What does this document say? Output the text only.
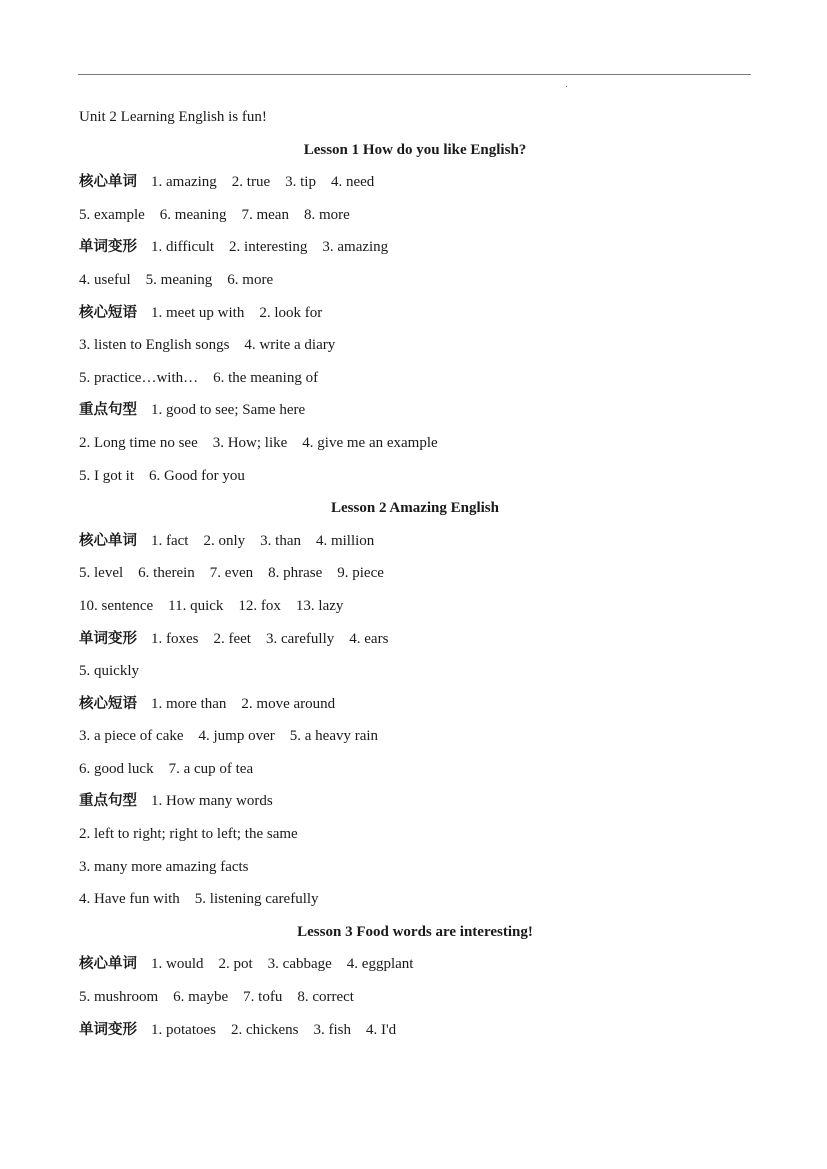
.
Unit 2 Learning English is fun!
Lesson 1 How do you like English?
核心单词 1. amazing    2. true    3. tip    4. need
5. example    6. meaning    7. mean    8. more
单词变形 1. difficult    2. interesting    3. amazing
4. useful    5. meaning    6. more
核心短语 1. meet up with    2. look for
3. listen to English songs    4. write a diary
5. practice…with…    6. the meaning of
重点句型 1. good to see; Same here
2. Long time no see    3. How; like    4. give me an example
5. I got it    6. Good for you
Lesson 2 Amazing English
核心单词 1. fact    2. only    3. than    4. million
5. level    6. therein    7. even    8. phrase    9. piece
10. sentence    11. quick    12. fox    13. lazy
单词变形 1. foxes    2. feet    3. carefully    4. ears
5. quickly
核心短语 1. more than    2. move around
3. a piece of cake    4. jump over    5. a heavy rain
6. good luck    7. a cup of tea
重点句型 1. How many words
2. left to right; right to left; the same
3. many more amazing facts
4. Have fun with    5. listening carefully
Lesson 3 Food words are interesting!
核心单词 1. would    2. pot    3. cabbage    4. eggplant
5. mushroom    6. maybe    7. tofu    8. correct
单词变形 1. potatoes    2. chickens    3. fish    4. I'd
